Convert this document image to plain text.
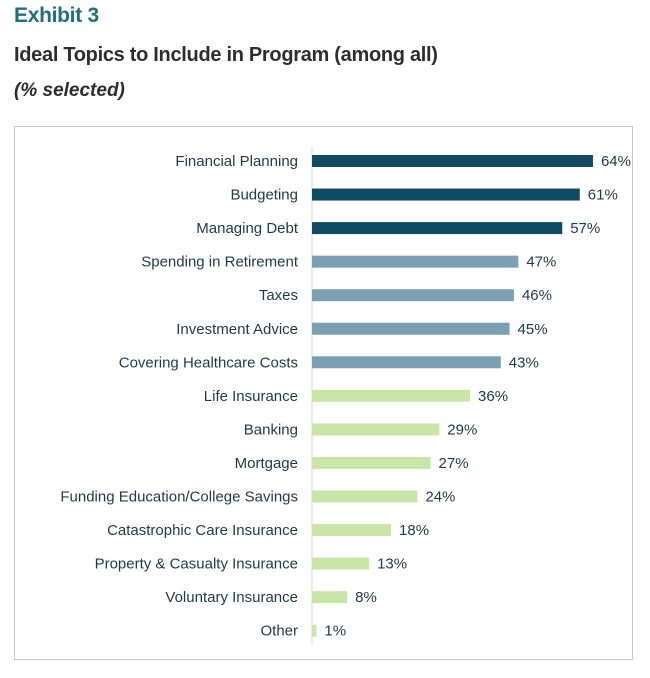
Exhibit 3
Ideal Topics to Include in Program (among all)
(% selected)
Financial Planning	64%
Budgeting	61%
Managing Debt	57%
Spending in Retirement	47%
Taxes	46%
Investment Advice	45%
Covering Healthcare Costs	43%
Life Insurance	36%
Banking	29%
Mortgage	27%
Funding Education/College Savings	24%
Catastrophic Care Insurance	18%
Property & Casualty Insurance	13%
Voluntary Insurance	8%
Other 1%
